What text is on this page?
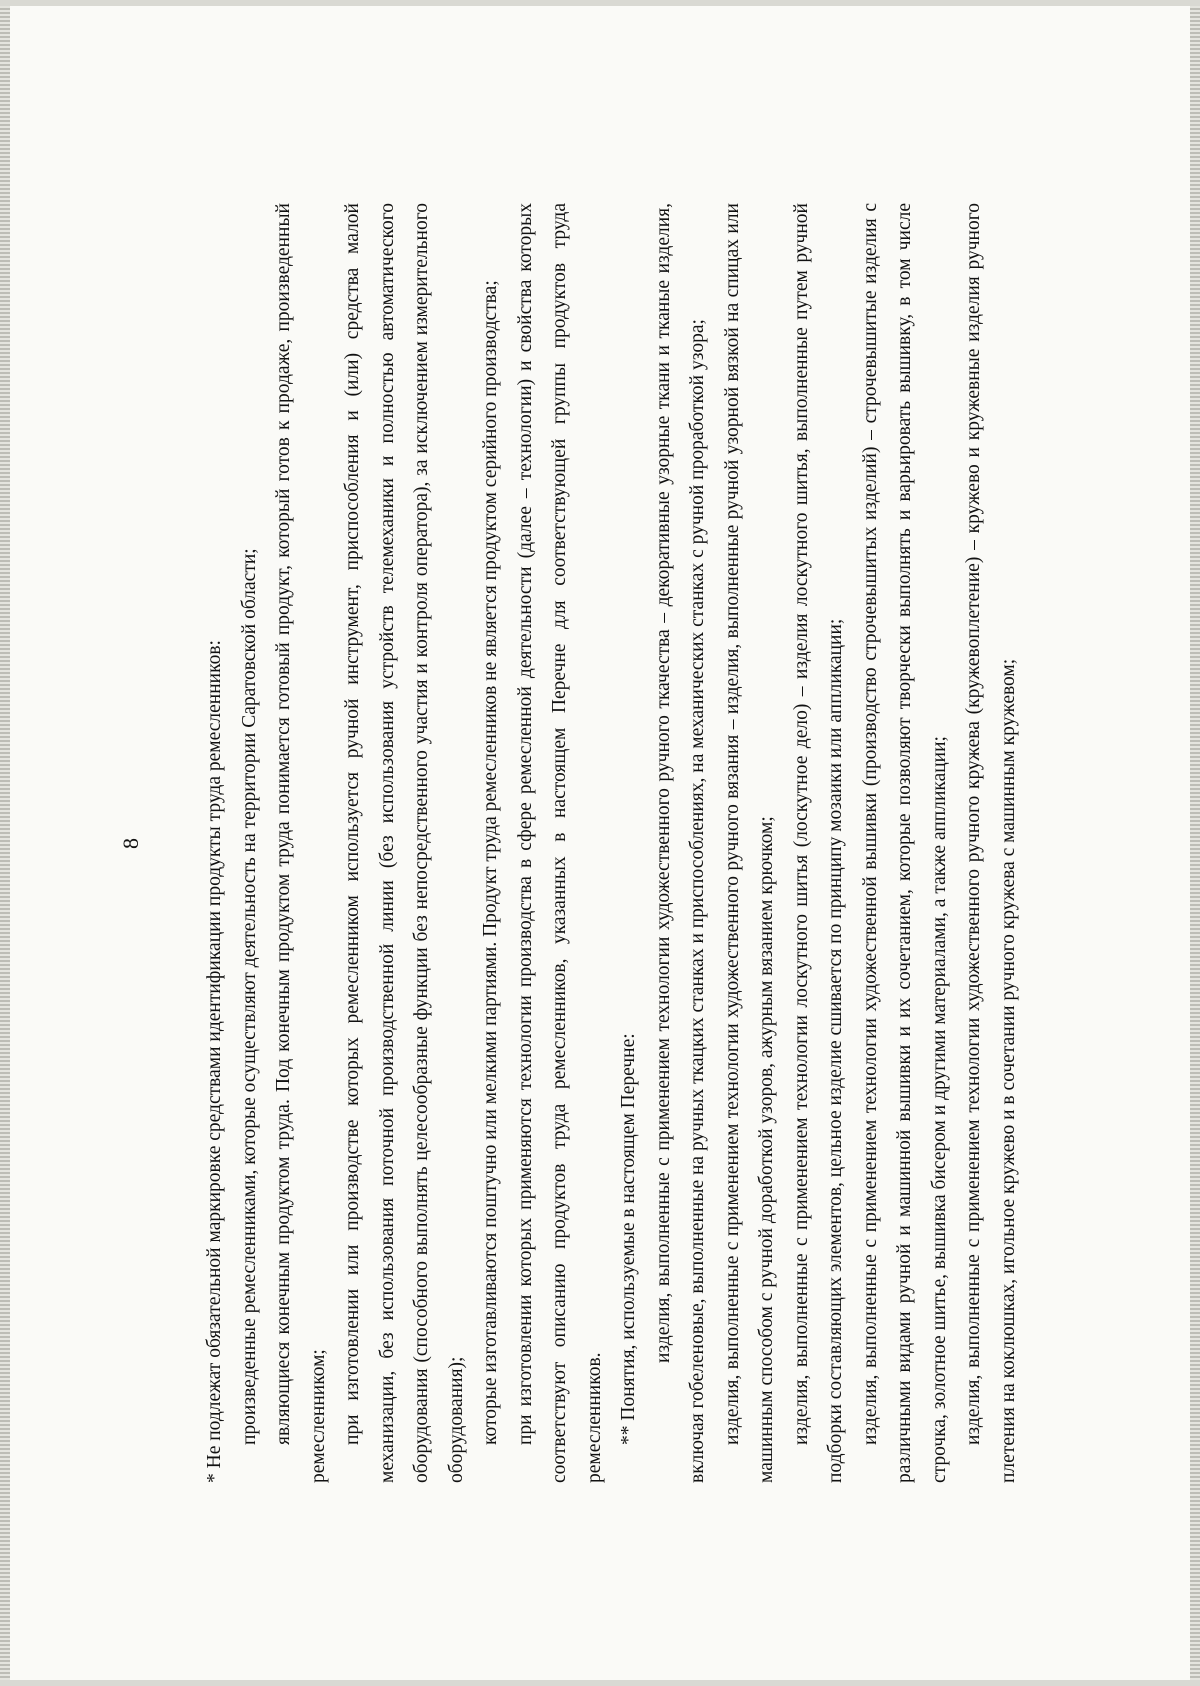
8	* Не подлежат обязательной маркировке средствами идентификации продукты труда ремесленников: произведенные ремесленниками, которые осуществляют деятельность на территории Саратовской области; являющиеся конечным продуктом труда. Под конечным продуктом труда понимается готовый продукт, который готов к продаже, произведенный ремесленником; при изготовлении или производстве которых ремесленником используется ручной инструмент, приспособления и (или) средства малой механизации, без использования поточной производственной линии (без использования устройств телемеханики и полностью автоматического оборудования (способного выполнять целесообразные функции без непосредственного участия и контроля оператора), за исключением измерительного оборудования); которые изготавливаются поштучно или мелкими партиями. Продукт труда ремесленников не является продуктом серийного производства; при изготовлении которых применяются технологии производства в сфере ремесленной деятельности (далее – технологии) и свойства которых соответствуют описанию продуктов труда ремесленников, указанных в настоящем Перечне для соответствующей группы продуктов труда ремесленников. ** Понятия, используемые в настоящем Перечне: изделия, выполненные с применением технологии художественного ручного ткачества – декоративные узорные ткани и тканые изделия, включая гобеленовые, выполненные на ручных ткацких станках и приспособлениях, на механических станках с ручной проработкой узора; изделия, выполненные с применением технологии художественного ручного вязания – изделия, выполненные ручной узорной вязкой на спицах или машинным способом с ручной доработкой узоров, ажурным вязанием крючком; изделия, выполненные с применением технологии лоскутного шитья (лоскутное дело) – изделия лоскутного шитья, выполненные путем ручной подборки составляющих элементов, цельное изделие сшивается по принципу мозаики или аппликации; изделия, выполненные с применением технологии художественной вышивки (производство строчевышитых изделий) – строчевышитые изделия с различными видами ручной и машинной вышивки и их сочетанием, которые позволяют творчески выполнять и варьировать вышивку, в том числе строчка, золотное шитье, вышивка бисером и другими материалами, а также аппликации; изделия, выполненные с применением технологии художественного ручного кружева (кружевоплетение) – кружево и кружевные изделия ручного плетения на коклюшках, игольное кружево и в сочетании ручного кружева с машинным кружевом;
